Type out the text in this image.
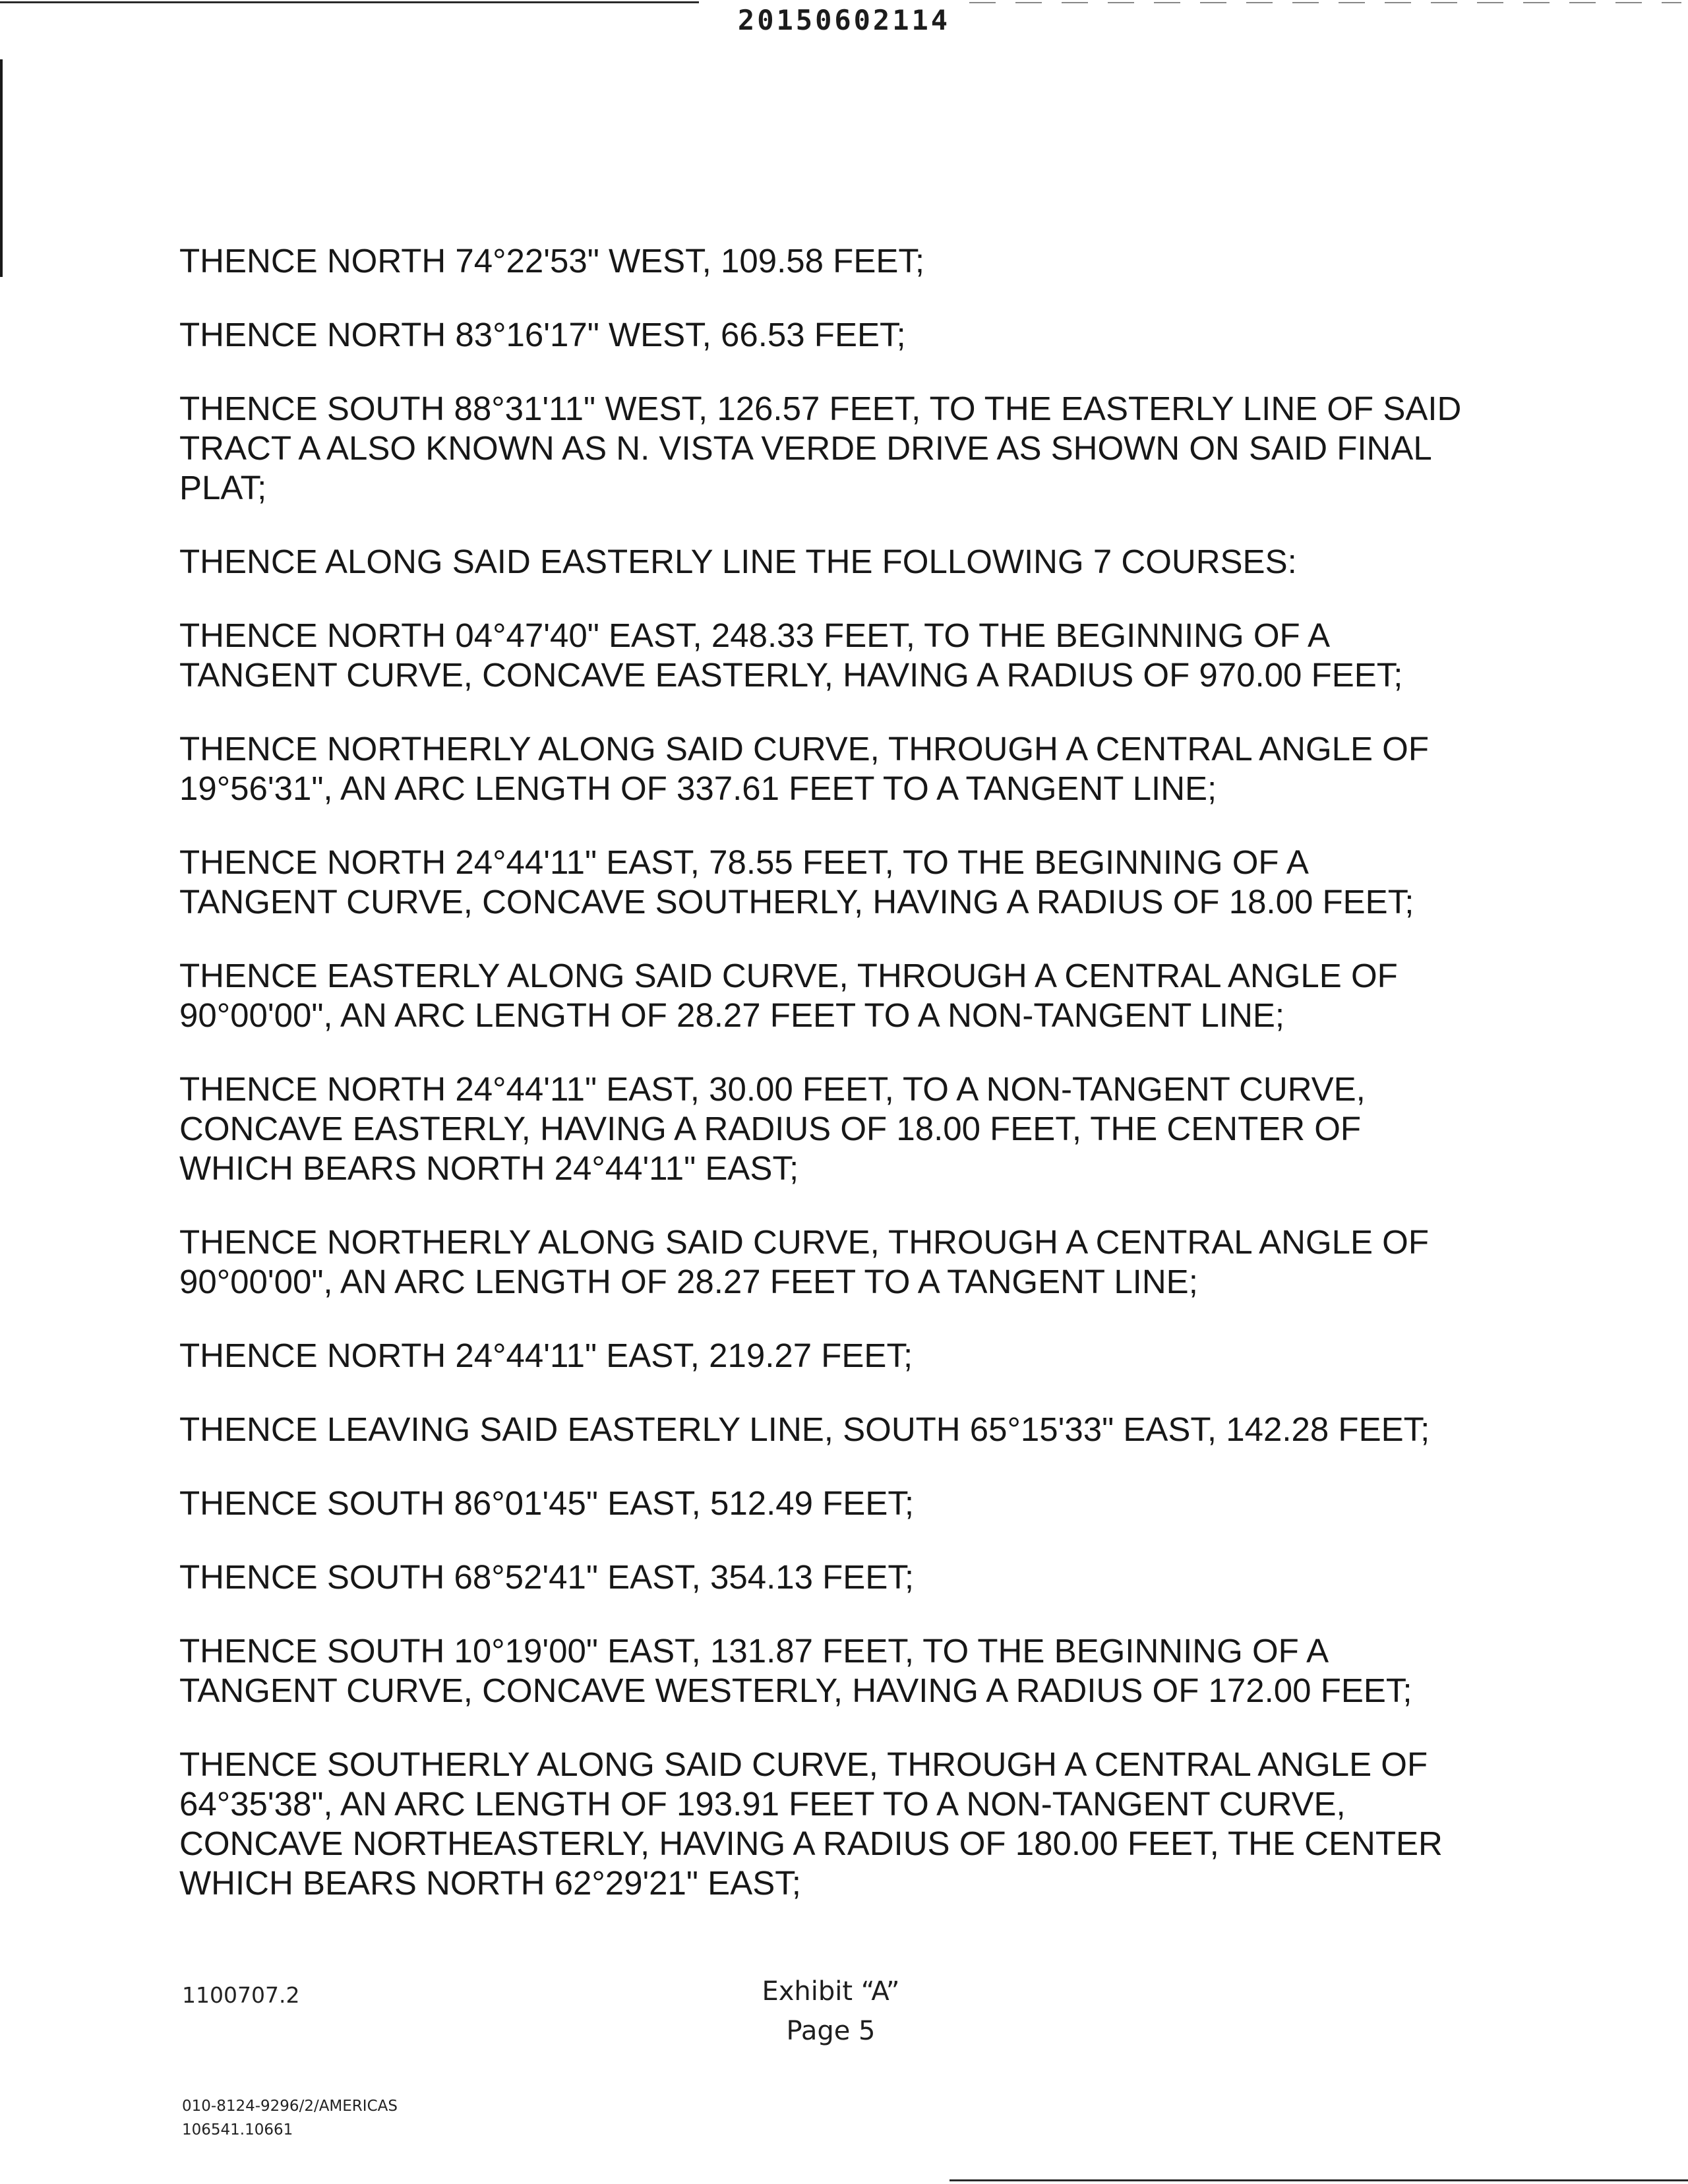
20150602114

THENCE NORTH 74°22'53" WEST, 109.58 FEET;

THENCE NORTH 83°16'17" WEST, 66.53 FEET;

THENCE SOUTH 88°31'11" WEST, 126.57 FEET, TO THE EASTERLY LINE OF SAID
TRACT A ALSO KNOWN AS N. VISTA VERDE DRIVE AS SHOWN ON SAID FINAL
PLAT;

THENCE ALONG SAID EASTERLY LINE THE FOLLOWING 7 COURSES:

THENCE NORTH 04°47'40" EAST, 248.33 FEET, TO THE BEGINNING OF A
TANGENT CURVE, CONCAVE EASTERLY, HAVING A RADIUS OF 970.00 FEET;

THENCE NORTHERLY ALONG SAID CURVE, THROUGH A CENTRAL ANGLE OF
19°56'31", AN ARC LENGTH OF 337.61 FEET TO A TANGENT LINE;

THENCE NORTH 24°44'11" EAST, 78.55 FEET, TO THE BEGINNING OF A
TANGENT CURVE, CONCAVE SOUTHERLY, HAVING A RADIUS OF 18.00 FEET;

THENCE EASTERLY ALONG SAID CURVE, THROUGH A CENTRAL ANGLE OF
90°00'00", AN ARC LENGTH OF 28.27 FEET TO A NON-TANGENT LINE;

THENCE NORTH 24°44'11" EAST, 30.00 FEET, TO A NON-TANGENT CURVE,
CONCAVE EASTERLY, HAVING A RADIUS OF 18.00 FEET, THE CENTER OF
WHICH BEARS NORTH 24°44'11" EAST;

THENCE NORTHERLY ALONG SAID CURVE, THROUGH A CENTRAL ANGLE OF
90°00'00", AN ARC LENGTH OF 28.27 FEET TO A TANGENT LINE;

THENCE NORTH 24°44'11" EAST, 219.27 FEET;

THENCE LEAVING SAID EASTERLY LINE, SOUTH 65°15'33" EAST, 142.28 FEET;

THENCE SOUTH 86°01'45" EAST, 512.49 FEET;

THENCE SOUTH 68°52'41" EAST, 354.13 FEET;

THENCE SOUTH 10°19'00" EAST, 131.87 FEET, TO THE BEGINNING OF A
TANGENT CURVE, CONCAVE WESTERLY, HAVING A RADIUS OF 172.00 FEET;

THENCE SOUTHERLY ALONG SAID CURVE, THROUGH A CENTRAL ANGLE OF
64°35'38", AN ARC LENGTH OF 193.91 FEET TO A NON-TANGENT CURVE,
CONCAVE NORTHEASTERLY, HAVING A RADIUS OF 180.00 FEET, THE CENTER
WHICH BEARS NORTH 62°29'21" EAST;

1100707.2	Exhibit “A”
Page 5
010-8124-9296/2/AMERICAS
106541.10661
